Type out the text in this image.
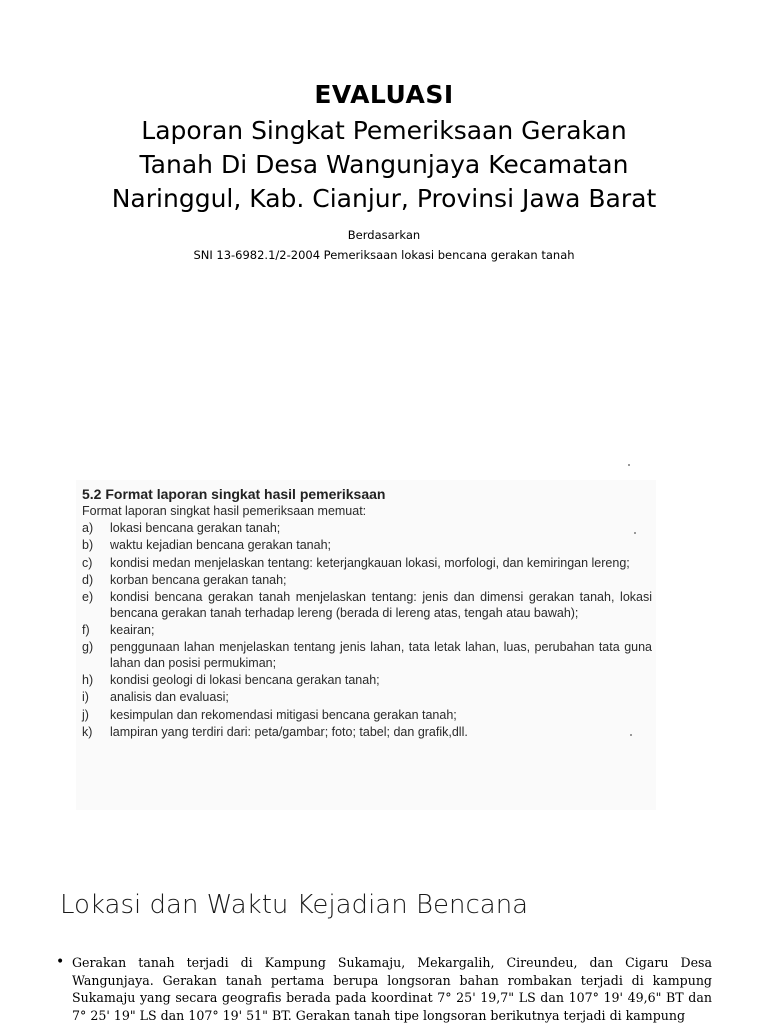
EVALUASI
Laporan Singkat Pemeriksaan Gerakan
Tanah Di Desa Wangunjaya Kecamatan
Naringgul, Kab. Cianjur, Provinsi Jawa Barat
Berdasarkan
SNI 13-6982.1/2-2004 Pemeriksaan lokasi bencana gerakan tanah
5.2 Format laporan singkat hasil pemeriksaan
Format laporan singkat hasil pemeriksaan memuat:
a)	lokasi bencana gerakan tanah;
b)	waktu kejadian bencana gerakan tanah;
c)	kondisi medan menjelaskan tentang: keterjangkauan lokasi, morfologi, dan kemiringan lereng;
d)	korban bencana gerakan tanah;
e)	kondisi bencana gerakan tanah menjelaskan tentang: jenis dan dimensi gerakan tanah, lokasi bencana gerakan tanah terhadap lereng (berada di lereng atas, tengah atau bawah);
f)	keairan;
g)	penggunaan lahan menjelaskan tentang jenis lahan, tata letak lahan, luas, perubahan tata guna lahan dan posisi permukiman;
h)	kondisi geologi di lokasi bencana gerakan tanah;
i)	analisis dan evaluasi;
j)	kesimpulan dan rekomendasi mitigasi bencana gerakan tanah;
k)	lampiran yang terdiri dari: peta/gambar; foto; tabel; dan grafik,dll.
Lokasi dan Waktu Kejadian Bencana
• Gerakan tanah terjadi di Kampung Sukamaju, Mekargalih, Cireundeu, dan Cigaru Desa Wangunjaya. Gerakan tanah pertama berupa longsoran bahan rombakan terjadi di kampung Sukamaju yang secara geografis berada pada koordinat 7° 25' 19,7" LS dan 107° 19' 49,6" BT dan 7° 25' 19" LS dan 107° 19' 51" BT. Gerakan tanah tipe longsoran berikutnya terjadi di kampung
